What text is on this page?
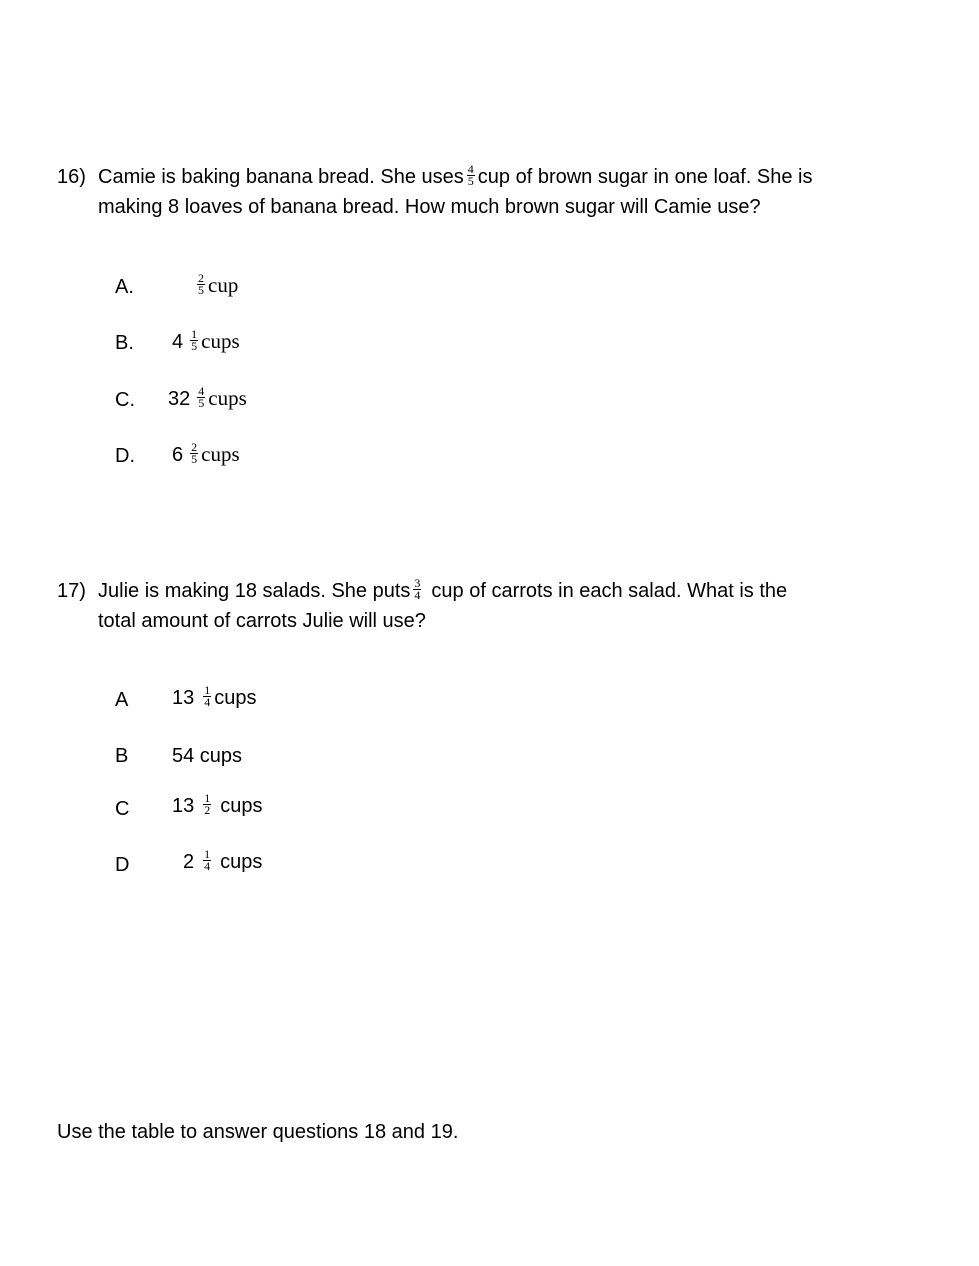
16) Camie is baking banana bread. She uses $\frac{4}{5}$ cup of brown sugar in one loaf. She is
making 8 loaves of banana bread. How much brown sugar will Camie use?
A.	$\frac{2}{5}$ cup
B. $4 \frac{1}{5}$ cups
C. $32 \frac{4}{5}$ cups
D. $6 \frac{2}{5}$ cups
17) Julie is making 18 salads. She puts $\frac{3}{4}$ cup of carrots in each salad. What is the
total amount of carrots Julie will use?
A $13 \frac{1}{4}$ cups
B 54 cups
C $13 \frac{1}{2}$ cups
D	$2 \frac{1}{4}$ cups
Use the table to answer questions 18 and 19.
